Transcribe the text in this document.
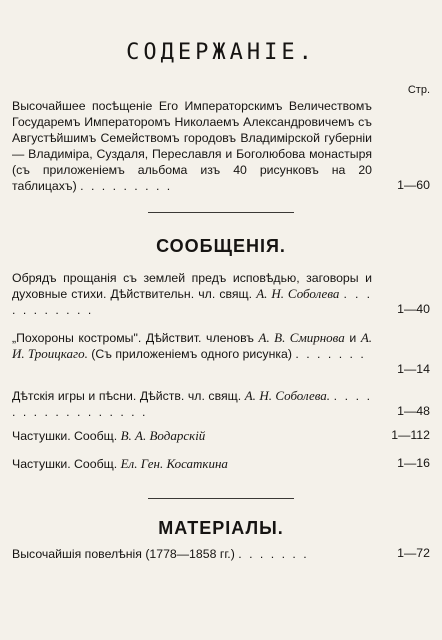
СОДЕРЖАНІЕ.
Стр.
Высочайшее посѣщеніе Его Императорскимъ Величествомъ Государемъ Императоромъ Николаемъ Александровичемъ съ Августѣйшимъ Семействомъ городовъ Владимірской губерніи— Владиміра, Суздаля, Переславля и Боголюбова монастыря (съ приложеніемъ альбома изъ 40 рисунковъ на 20 таблицахъ) . . . . . . . . .	1—60
СООБЩЕНІЯ.
Обрядъ прощанія съ землей предъ исповѣдью, заговоры и духовные стихи. Дѣйствительн. чл. свящ. А. Н. Соболева . . . . . . . . . . .	1—40
„Похороны костромы". Дѣйствит. членовъ А. В. Смирнова и А. И. Троицкаго. (Съ приложеніемъ одного рисунка) . . . . . . .
1—14
Дѣтскія игры и пѣсни. Дѣйств. чл. свящ. А. Н. Соболева. . . . . . . . . . . . . . . . . .	1—48
Частушки. Сообщ. В. А. Водарскій	1—112
Частушки. Сообщ. Ел. Ген. Косаткина	1—16
МАТЕРІАЛЫ.
Высочайшія повелѣнія (1778—1858 гг.) . . . . . . .	1—72
